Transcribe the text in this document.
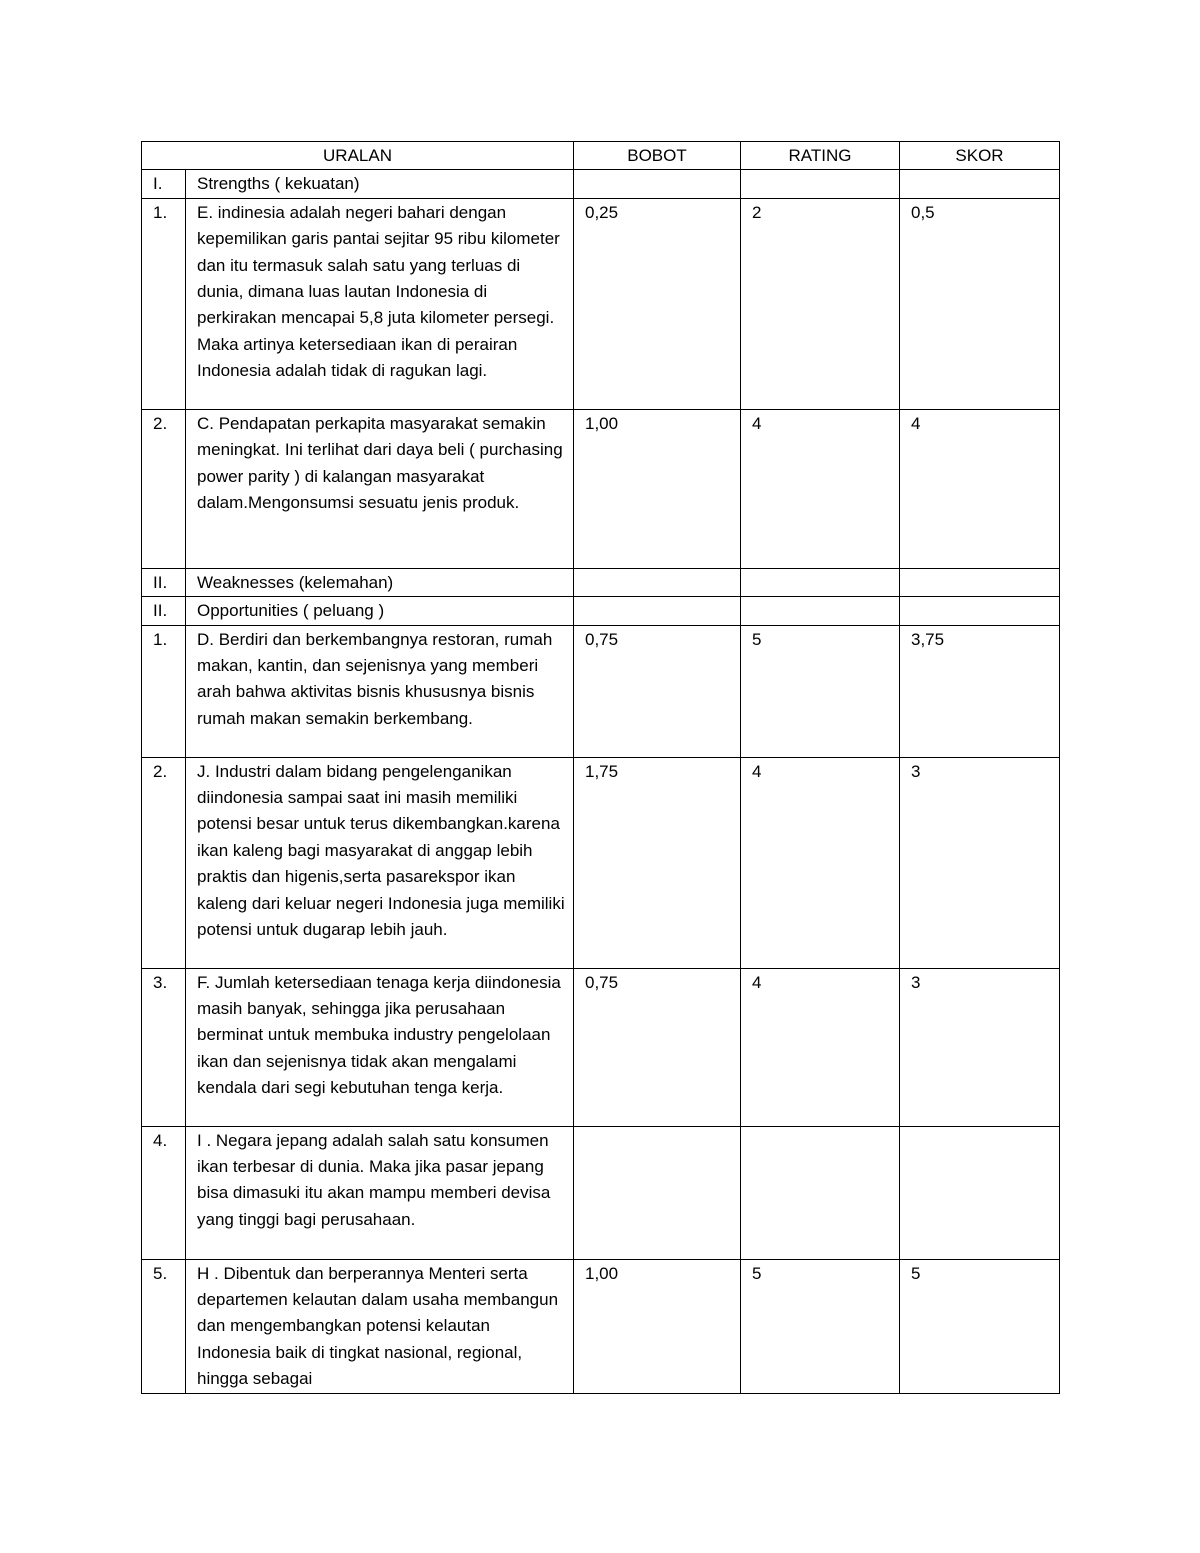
URALAN		BOBOT	RATING	SKOR
I.	Strengths ( kekuatan)			
1.	E. indinesia adalah negeri bahari dengan kepemilikan garis pantai sejitar 95 ribu kilometer dan itu termasuk salah satu yang terluas di dunia, dimana luas lautan Indonesia di perkirakan mencapai 5,8 juta kilometer persegi. Maka artinya ketersediaan ikan di perairan Indonesia adalah tidak di ragukan lagi.	0,25	2	0,5
2.	C. Pendapatan perkapita masyarakat semakin meningkat. Ini terlihat dari daya beli ( purchasing power parity ) di kalangan masyarakat dalam.Mengonsumsi sesuatu jenis produk.	1,00	4	4
II.	Weaknesses (kelemahan)			
II.	Opportunities ( peluang )			
1.	D. Berdiri dan berkembangnya restoran, rumah makan, kantin, dan sejenisnya yang memberi arah bahwa aktivitas bisnis khususnya bisnis rumah makan semakin berkembang.	0,75	5	3,75
2.	J. Industri dalam bidang pengelenganikan diindonesia sampai saat ini masih memiliki potensi besar untuk terus dikembangkan.karena ikan kaleng bagi masyarakat di anggap lebih praktis dan higenis,serta pasarekspor ikan kaleng dari keluar negeri Indonesia juga memiliki potensi untuk dugarap lebih jauh.	1,75	4	3
3.	F. Jumlah ketersediaan tenaga kerja diindonesia masih banyak, sehingga jika perusahaan berminat untuk membuka industry pengelolaan ikan dan sejenisnya tidak akan mengalami kendala dari segi kebutuhan tenga kerja.	0,75	4	3
4.	I . Negara jepang adalah salah satu konsumen ikan terbesar di dunia. Maka jika pasar jepang bisa dimasuki itu akan mampu memberi devisa yang tinggi bagi perusahaan.			
5.	H . Dibentuk dan berperannya Menteri serta departemen kelautan dalam usaha membangun dan mengembangkan potensi kelautan Indonesia baik di tingkat nasional, regional, hingga sebagai	1,00	5	5
